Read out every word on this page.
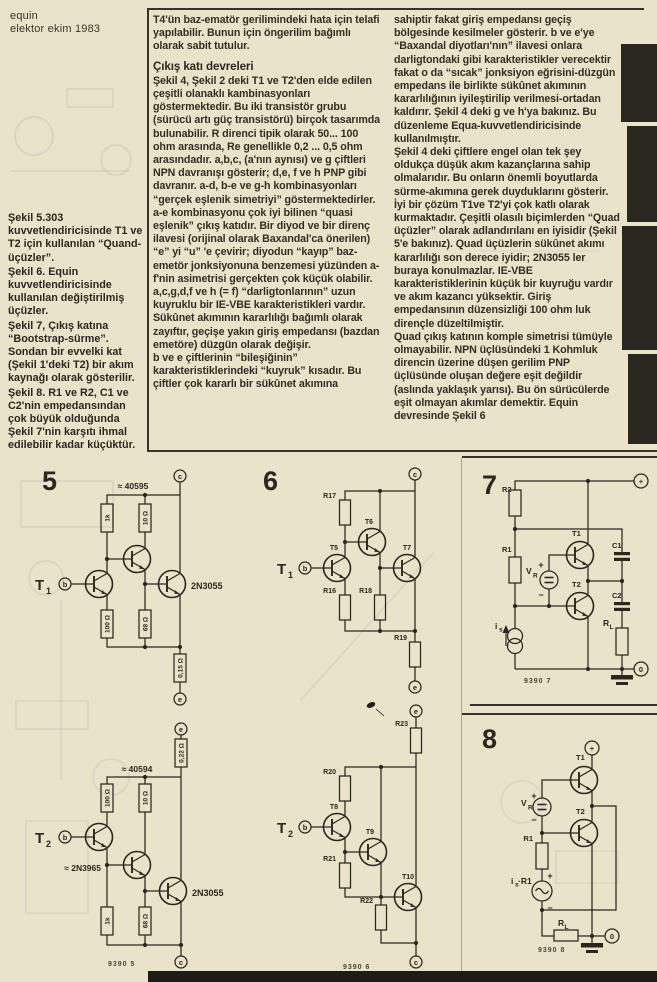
equin
elektor ekim 1983

Şekil 5.303 kuvvetlendiricisinde T1 ve T2 için kullanılan “Quand-üçüzler”.

Şekil 6. Equin kuvvetlendiricisinde kullanılan değiştirilmiş üçüzler.

Şekil 7, Çıkış katına “Bootstrap-sürme”. Sondan bir evvelki kat (Şekil 1'deki T2) bir akım kaynağı olarak gösterilir.

Şekil 8. R1 ve R2, C1 ve C2'nin empedansından çok büyük olduğunda Şekil 7'nin karşıtı ihmal edilebilir kadar küçüktür.

T4'ün baz-ematör gerilimindeki hata için telafi yapılabilir. Bunun için öngerilim bağımlı olarak sabit tutulur.

Çıkış katı devreleri

Şekil 4, Şekil 2 deki T1 ve T2'den elde edilen çeşitli olanaklı kambinasyonları göstermektedir. Bu iki transistör grubu (sürücü artı güç transistörü) birçok tasarımda bulunabilir. R direnci tipik olarak 50... 100 ohm arasında, Re genellikle 0,2 ... 0,5 ohm arasındadır. a,b,c, (a'nın aynısı) ve g çiftleri NPN davranışı gösterir; d,e, f ve h PNP gibi davranır. a-d, b-e ve g-h kombinasyonları “gerçek eşlenik simetriyi” göstermektedirler.

a-e kombinasyonu çok iyi bilinen “quasi eşlenik” çıkış katıdır. Bir diyod ve bir direnç ilavesi (orijinal olarak Baxandal'ca önerilen) “e” yi “u” 'e çevirir; diyodun “kayıp” baz-emetör jonksiyonuna benzemesi yüzünden a-f'nin asimetrisi gerçekten çok küçük olabilir.

a,c,g,d,f ve h (= f) “darligtonlarının” uzun kuyruklu bir IE-VBE karakteristikleri vardır. Sükûnet akımının kararlılığı bağımlı olarak zayıftır, geçişe yakın giriş empedansı (bazdan emetöre) düzgün olarak değişir.

b ve e çiftlerinin “bileşiğinin” karakteristiklerindeki “kuyruk” kısadır. Bu çiftler çok kararlı bir sükûnet akımına

sahiptir fakat giriş empedansı geçiş bölgesinde kesilmeler gösterir. b ve e'ye “Baxandal diyotları'nın” ilavesi onlara darligtondaki gibi karakteristikler verecektir fakat o da “sıcak” jonksiyon eğrisini-düzgün empedans ile birlikte sükûnet akımının kararlılığının iyileştirilip verilmesi-ortadan kaldırır. Şekil 4 deki g ve h'ya bakınız. Bu düzenleme Equa-kuvvetlendiricisinde kullanılmıştır.

Şekil 4 deki çiftlere engel olan tek şey oldukça düşük akım kazançlarına sahip olmalarıdır. Bu onların önemli boyutlarda sürme-akımına gerek duyduklarını gösterir. İyi bir çözüm T1ve T2'yi çok katlı olarak kurmaktadır. Çeşitli olasılı biçimlerden “Quad üçüzler” olarak adlandırılanı en iyisidir (Şekil 5'e bakınız). Quad üçüzlerin sükûnet akımı kararlılığı son derece iyidir; 2N3055 ler buraya konulmazlar. IE-VBE karakteristiklerinin küçük bir kuyruğu vardır ve akım kazancı yüksektir. Giriş empedansının düzensizliği 100 ohm luk dirençle düzeltilmiştir.

Quad çıkış katının komple simetrisi tümüyle olmayabilir. NPN üçlüsündeki 1 Kohmluk direncin üzerine düşen gerilim PNP üçlüsünde oluşan değere eşit değildir (aslında yaklaşık yarısı). Bu ön sürücülerde eşit olmayan akımlar demektir. Equin devresinde Şekil 6

5	6	7
8
1k	10 Ω
100 Ω	68 Ω
0,15 Ω
≈ 40595
2N3055
T 1
b
c
e
0,22 Ω
100 Ω	10 Ω
1k	68 Ω
≈ 40594
≈ 2N3965
2N3055
T 2
b
e
c
9390 5
R17
R16	R18
R19
T5
T6
T7
T 1
b
c
e
R23
R20
R21
R22
T8
T9
T10
T 2
b
e
c
9390 6
R2
R1
T1
T2
C1
C2
R L
V R
+
−
i s
+
0
9390 7
T1
T2
V R
+
−
R1
i s ·R1 +
−
R L
+
0
9390 8
